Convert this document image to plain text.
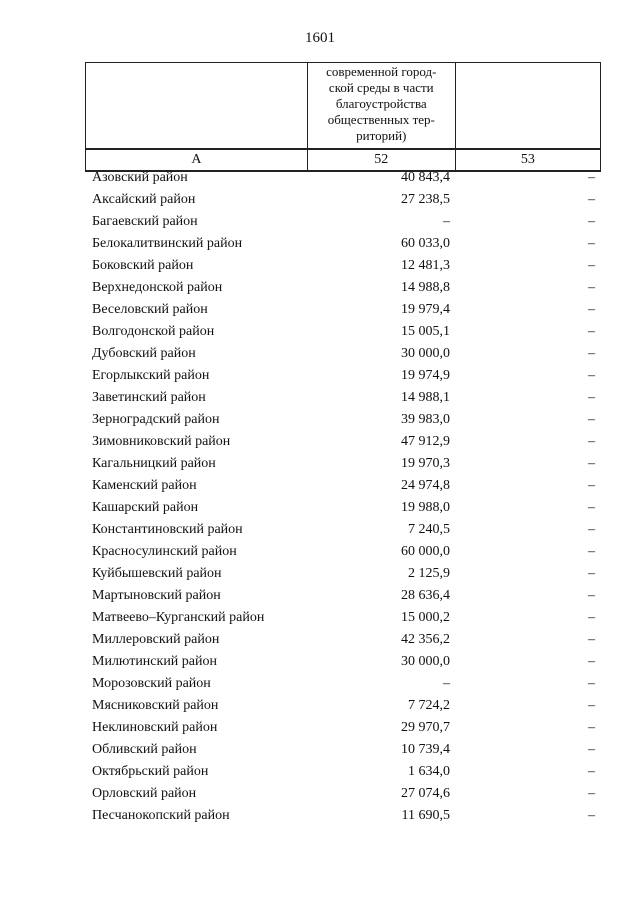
1601

	современной город-
ской среды в части
благоустройства
общественных тер-
риторий)	

А	52	53
Азовский район	40 843,4	–
Аксайский район	27 238,5	–
Багаевский район	–	–
Белокалитвинский район	60 033,0	–
Боковский район	12 481,3	–
Верхнедонской район	14 988,8	–
Веселовский район	19 979,4	–
Волгодонской район	15 005,1	–
Дубовский район	30 000,0	–
Егорлыкский район	19 974,9	–
Заветинский район	14 988,1	–
Зерноградский район	39 983,0	–
Зимовниковский район	47 912,9	–
Кагальницкий район	19 970,3	–
Каменский район	24 974,8	–
Кашарский район	19 988,0	–
Константиновский район	7 240,5	–
Красносулинский район	60 000,0	–
Куйбышевский район	2 125,9	–
Мартыновский район	28 636,4	–
Матвеево–Курганский район	15 000,2	–
Миллеровский район	42 356,2	–
Милютинский район	30 000,0	–
Морозовский район	–	–
Мясниковский район	7 724,2	–
Неклиновский район	29 970,7	–
Обливский район	10 739,4	–
Октябрьский район	1 634,0	–
Орловский район	27 074,6	–
Песчанокопский район	11 690,5	–
